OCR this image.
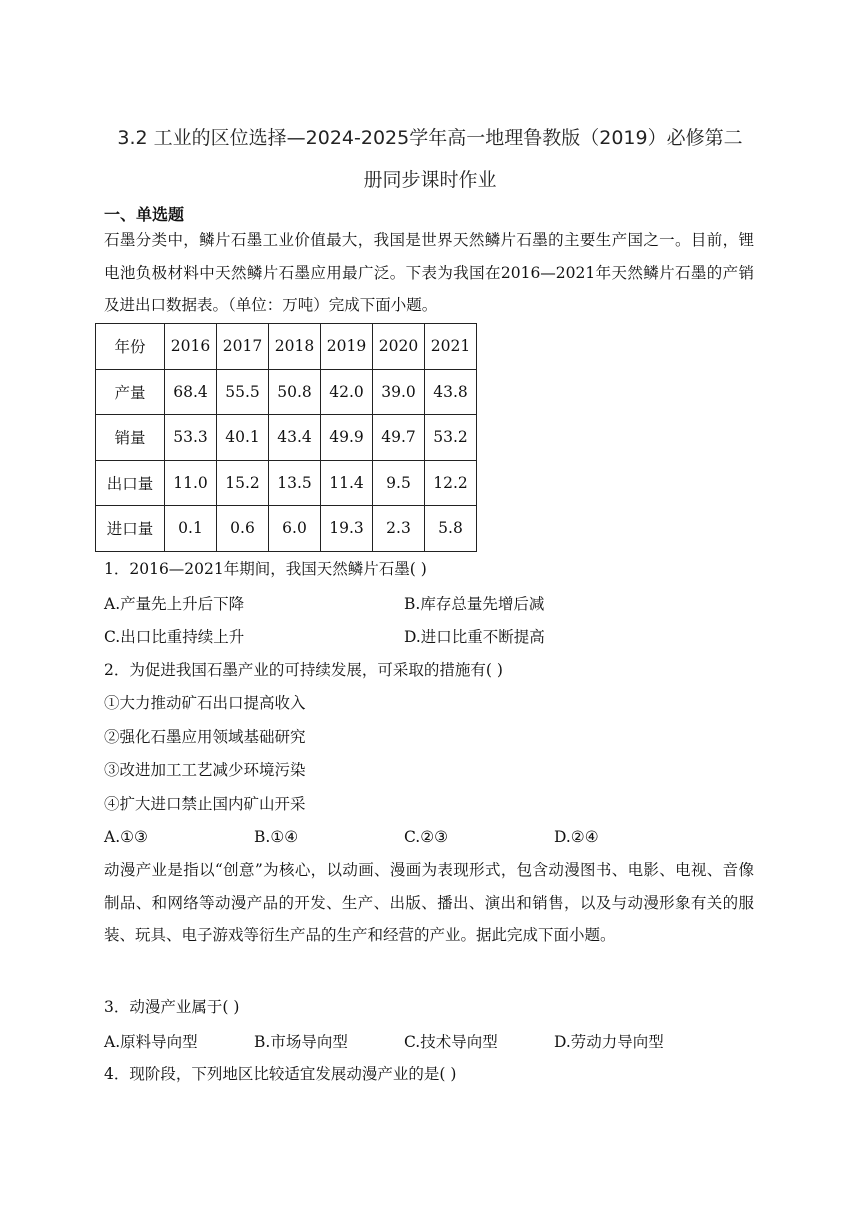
3.2 工业的区位选择—2024-2025学年高一地理鲁教版（2019）必修第二
册同步课时作业
一、单选题
石墨分类中，鳞片石墨工业价值最大，我国是世界天然鳞片石墨的主要生产国之一。目前，锂电池负极材料中天然鳞片石墨应用最广泛。下表为我国在2016—2021年天然鳞片石墨的产销及进出口数据表。（单位：万吨）完成下面小题。
年份	2016	2017	2018	2019	2020	2021
产量	68.4	55.5	50.8	42.0	39.0	43.8
销量	53.3	40.1	43.4	49.9	49.7	53.2
出口量	11.0	15.2	13.5	11.4	9.5	12.2
进口量	0.1	0.6	6.0	19.3	2.3	5.8
1．2016—2021年期间，我国天然鳞片石墨( )
A.产量先上升后下降	B.库存总量先增后减
C.出口比重持续上升	D.进口比重不断提高
2．为促进我国石墨产业的可持续发展，可采取的措施有( )
①大力推动矿石出口提高收入
②强化石墨应用领域基础研究
③改进加工工艺减少环境污染
④扩大进口禁止国内矿山开采
A.①③	B.①④	C.②③	D.②④
动漫产业是指以“创意”为核心，以动画、漫画为表现形式，包含动漫图书、电影、电视、音像制品、和网络等动漫产品的开发、生产、出版、播出、演出和销售，以及与动漫形象有关的服装、玩具、电子游戏等衍生产品的生产和经营的产业。据此完成下面小题。
3．动漫产业属于( )
A.原料导向型	B.市场导向型	C.技术导向型	D.劳动力导向型
4．现阶段，下列地区比较适宜发展动漫产业的是( )
